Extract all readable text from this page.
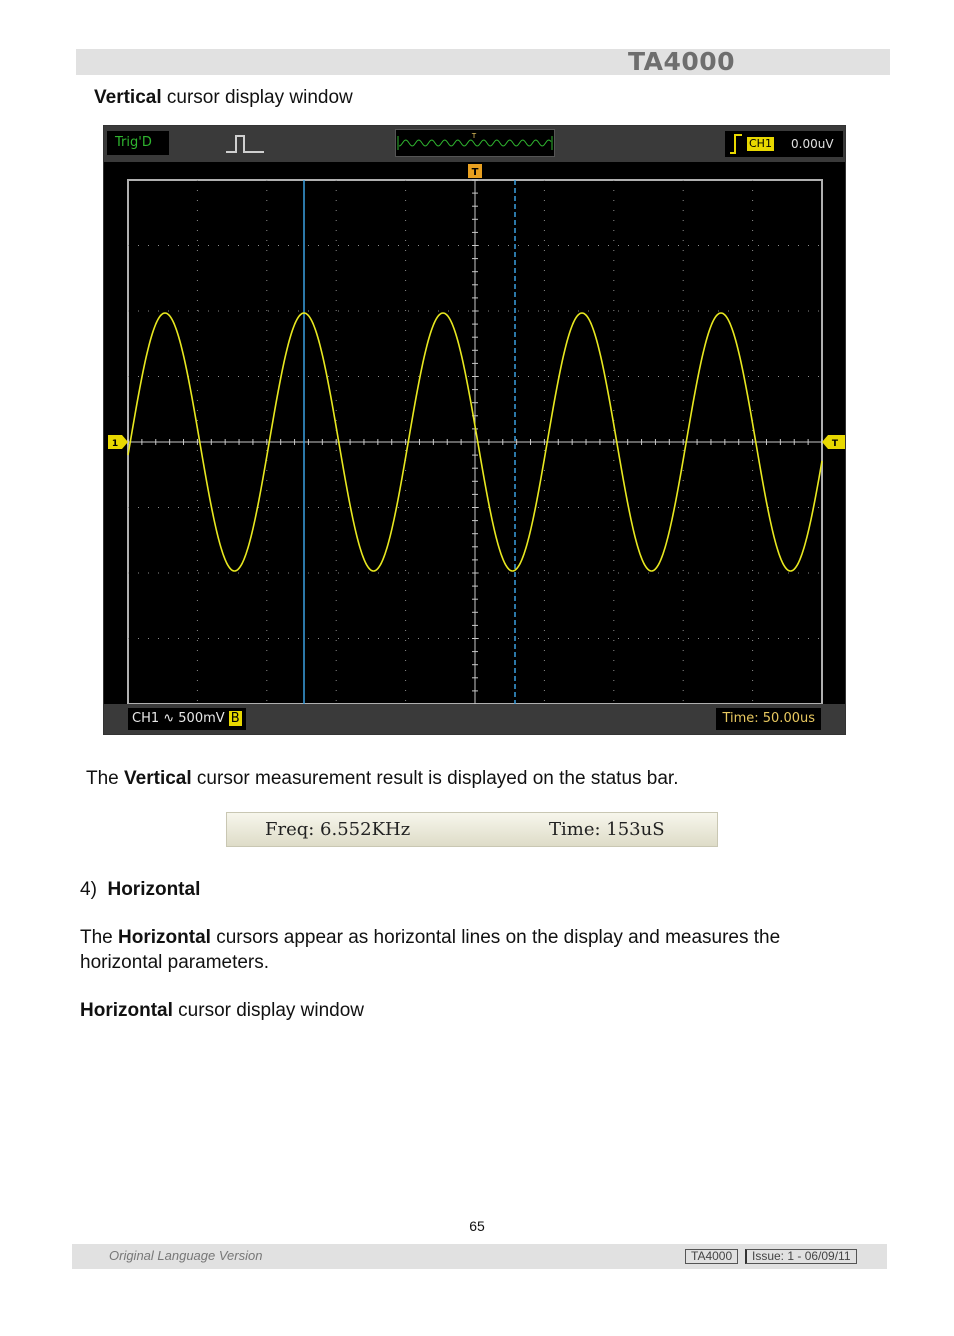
TA4000
Vertical cursor display window
Trig'D	T
CH1 0.00uV
T
1	T
CH1 ∿ 500mV B	Time: 50.00us
The Vertical cursor measurement result is displayed on the status bar.
Freq: 6.552KHz	Time: 153uS
4) Horizontal
The Horizontal cursors appear as horizontal lines on the display and measures the
horizontal parameters.
Horizontal cursor display window
65
Original Language Version	TA4000	Issue: 1 - 06/09/11
